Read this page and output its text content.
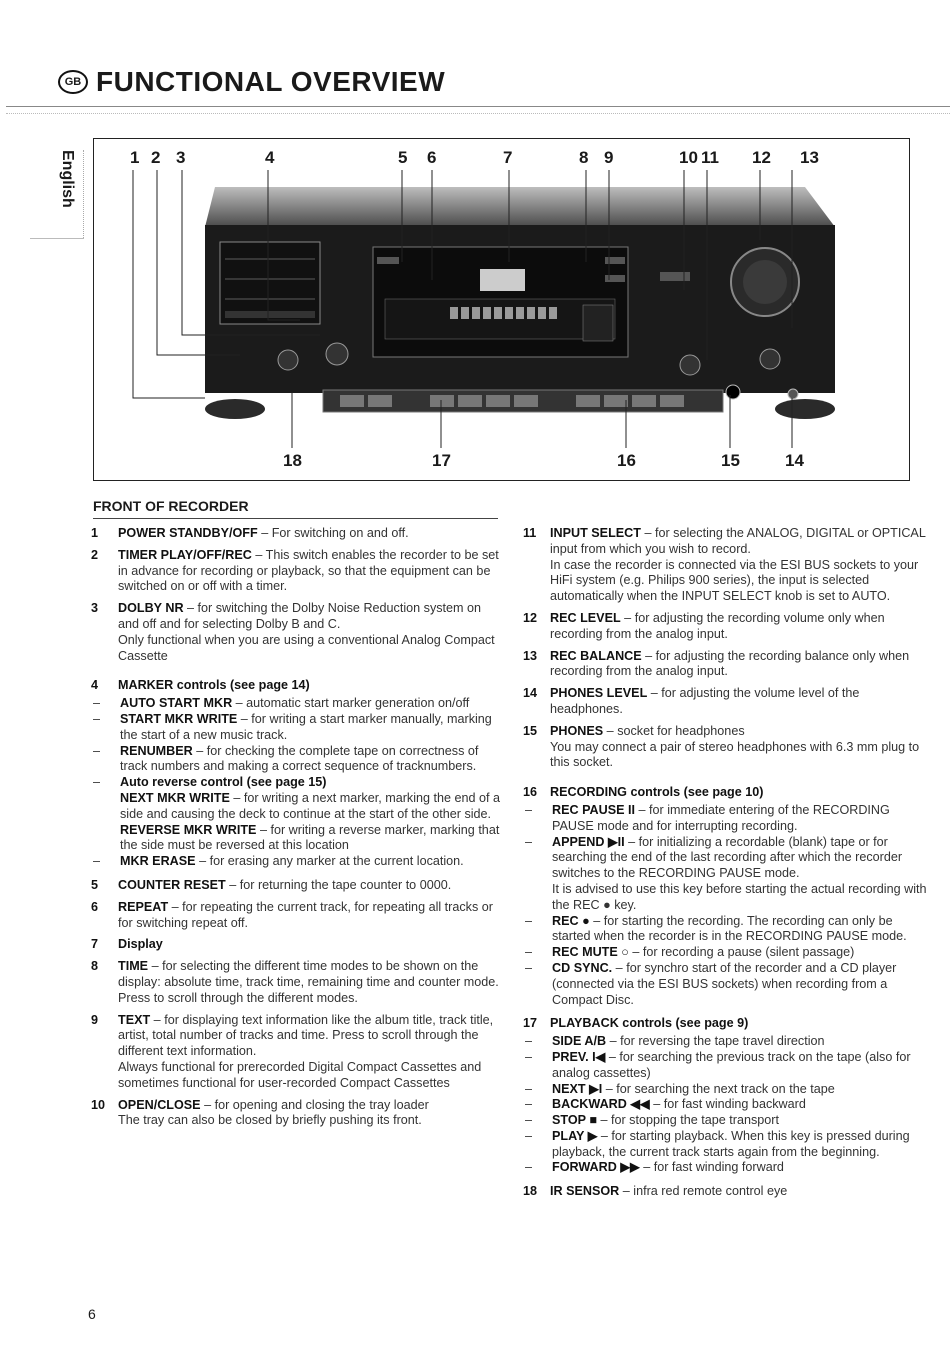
GB FUNCTIONAL OVERVIEW
English	1 2 3	4	5 6	7	8 9	10 11 12 13
18	17	16	15	14
FRONT OF RECORDER
1	POWER STANDBY/OFF – For switching on and off.
2	TIMER PLAY/OFF/REC – This switch enables the recorder to be set in advance for recording or playback, so that the equipment can be switched on or off with a timer.
3	DOLBY NR – for switching the Dolby Noise Reduction system on and off and for selecting Dolby B and C.
Only functional when you are using a conventional Analog Compact Cassette
4	MARKER controls (see page 14)
–	AUTO START MKR – automatic start marker generation on/off
–	START MKR WRITE – for writing a start marker manually, marking the start of a new music track.
–	RENUMBER – for checking the complete tape on correctness of track numbers and making a correct sequence of tracknumbers.
–	Auto reverse control (see page 15)
NEXT MKR WRITE – for writing a next marker, marking the end of a side and causing the deck to continue at the start of the other side.
REVERSE MKR WRITE – for writing a reverse marker, marking that the side must be reversed at this location
–	MKR ERASE – for erasing any marker at the current location.
5	COUNTER RESET – for returning the tape counter to 0000.
6	REPEAT – for repeating the current track, for repeating all tracks or for switching repeat off.
7	Display
8	TIME – for selecting the different time modes to be shown on the display: absolute time, track time, remaining time and counter mode. Press to scroll through the different modes.
9	TEXT – for displaying text information like the album title, track title, artist, total number of tracks and time. Press to scroll through the different text information.
Always functional for prerecorded Digital Compact Cassettes and sometimes functional for user-recorded Compact Cassettes
10	OPEN/CLOSE – for opening and closing the tray loader
The tray can also be closed by briefly pushing its front.
11	INPUT SELECT – for selecting the ANALOG, DIGITAL or OPTICAL input from which you wish to record.
In case the recorder is connected via the ESI BUS sockets to your HiFi system (e.g. Philips 900 series), the input is selected automatically when the INPUT SELECT knob is set to AUTO.
12	REC LEVEL – for adjusting the recording volume only when recording from the analog input.
13	REC BALANCE – for adjusting the recording balance only when recording from the analog input.
14	PHONES LEVEL – for adjusting the volume level of the headphones.
15	PHONES – socket for headphones
You may connect a pair of stereo headphones with 6.3 mm plug to this socket.
16	RECORDING controls (see page 10)
–	REC PAUSE II – for immediate entering of the RECORDING PAUSE mode and for interrupting recording.
–	APPEND ▶II – for initializing a recordable (blank) tape or for searching the end of the last recording after which the recorder switches to the RECORDING PAUSE mode.
It is advised to use this key before starting the actual recording with the REC ● key.
–	REC ● – for starting the recording. The recording can only be started when the recorder is in the RECORDING PAUSE mode.
–	REC MUTE ○ – for recording a pause (silent passage)
–	CD SYNC. – for synchro start of the recorder and a CD player (connected via the ESI BUS sockets) when recording from a Compact Disc.
17	PLAYBACK controls (see page 9)
–	SIDE A/B – for reversing the tape travel direction
–	PREV. I◀ – for searching the previous track on the tape (also for analog cassettes)
–	NEXT ▶I – for searching the next track on the tape
–	BACKWARD ◀◀ – for fast winding backward
–	STOP ■ – for stopping the tape transport
–	PLAY ▶ – for starting playback. When this key is pressed during playback, the current track starts again from the beginning.
–	FORWARD ▶▶ – for fast winding forward
18	IR SENSOR – infra red remote control eye
6
